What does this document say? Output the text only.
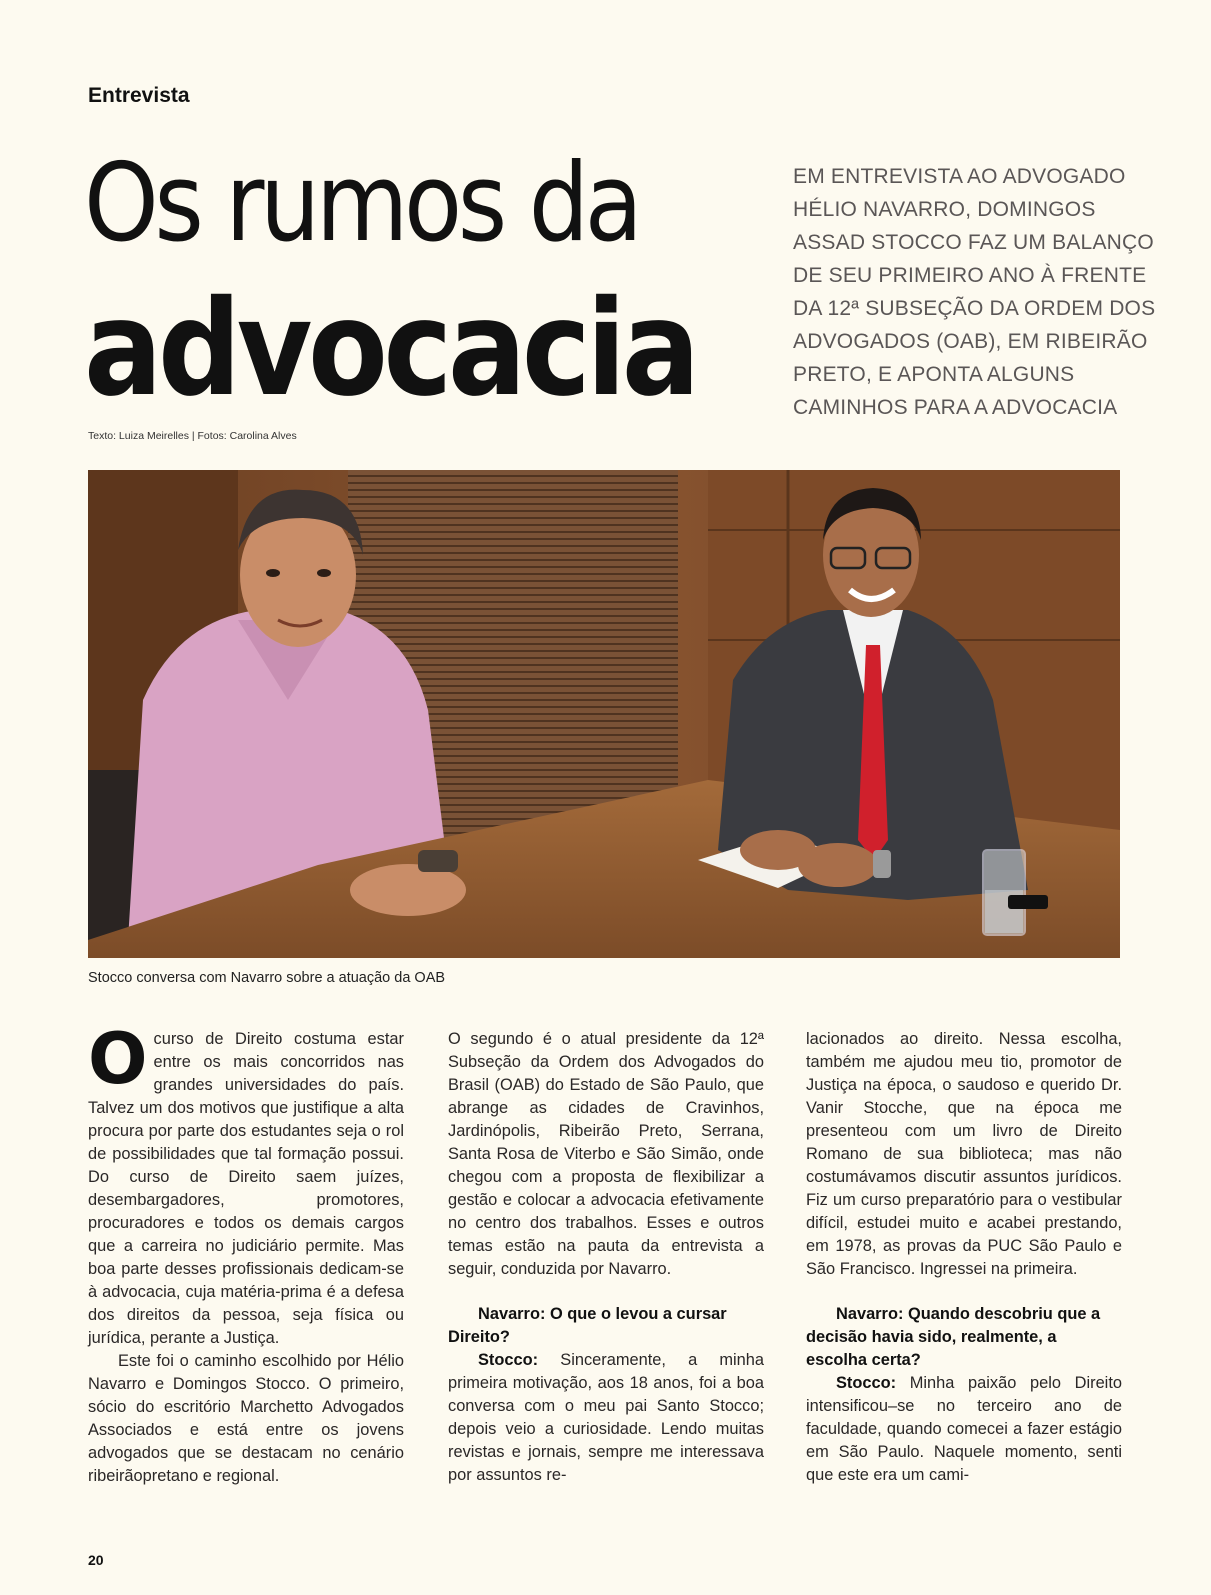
Entrevista
Os rumos da
advocacia
Texto: Luiza Meirelles | Fotos: Carolina Alves
EM ENTREVISTA AO ADVOGADO
HÉLIO NAVARRO, DOMINGOS
ASSAD STOCCO FAZ UM BALANÇO
DE SEU PRIMEIRO ANO À FRENTE
DA 12ª SUBSEÇÃO DA ORDEM DOS
ADVOGADOS (OAB), EM RIBEIRÃO
PRETO, E APONTA ALGUNS
CAMINHOS PARA A ADVOCACIA
Stocco conversa com Navarro sobre a atuação da OAB

Ocurso de Direito costuma estar entre os mais concorridos nas grandes universidades do país. Talvez um dos motivos que justifique a alta procura por parte dos estudantes seja o rol de possibilidades que tal formação possui. Do curso de Direito saem juízes, desembargadores, promotores, procuradores e todos os demais cargos que a carreira no judiciário permite. Mas boa parte desses profissionais dedicam-se à advocacia, cuja matéria-prima é a defesa dos direitos da pessoa, seja física ou jurídica, perante a Justiça.

Este foi o caminho escolhido por Hélio Navarro e Domingos Stocco. O primeiro, sócio do escritório Marchetto Advogados Associados e está entre os jovens advogados que se destacam no cenário ribeirãopretano e regional.

O segundo é o atual presidente da 12ª Subseção da Ordem dos Advogados do Brasil (OAB) do Estado de São Paulo, que abrange as cidades de Cravinhos, Jardinópolis, Ribeirão Preto, Serrana, Santa Rosa de Viterbo e São Simão, onde chegou com a proposta de flexibilizar a gestão e colocar a advocacia efetivamente no centro dos trabalhos. Esses e outros temas estão na pauta da entrevista a seguir, conduzida por Navarro.

Navarro: O que o levou a cursar Direito?

Stocco: Sinceramente, a minha primeira motivação, aos 18 anos, foi a boa conversa com o meu pai Santo Stocco; depois veio a curiosidade. Lendo muitas revistas e jornais, sempre me interessava por assuntos re-

lacionados ao direito. Nessa escolha, também me ajudou meu tio, promotor de Justiça na época, o saudoso e querido Dr. Vanir Stocche, que na época me presenteou com um livro de Direito Romano de sua biblioteca; mas não costumávamos discutir assuntos jurídicos. Fiz um curso preparatório para o vestibular difícil, estudei muito e acabei prestando, em 1978, as provas da PUC São Paulo e São Francisco. Ingressei na primeira.

Navarro: Quando descobriu que a decisão havia sido, realmente, a escolha certa?

Stocco: Minha paixão pelo Direito intensificou–se no terceiro ano de faculdade, quando comecei a fazer estágio em São Paulo. Naquele momento, senti que este era um cami-

20
